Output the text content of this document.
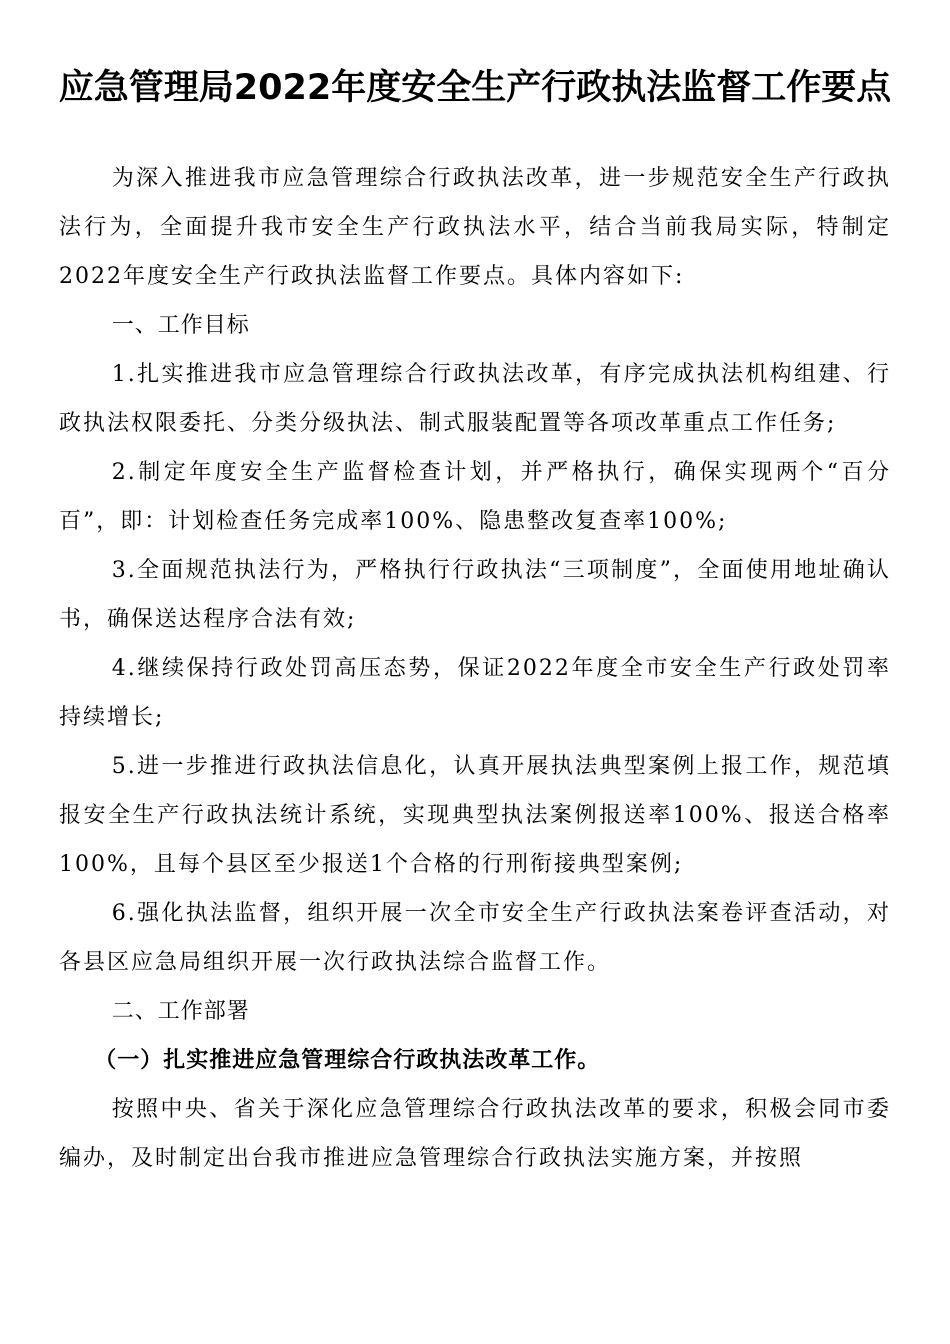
应急管理局2022年度安全生产行政执法监督工作要点

为深入推进我市应急管理综合行政执法改革，进一步规范安全生产行政执法行为，全面提升我市安全生产行政执法水平，结合当前我局实际，特制定2022年度安全生产行政执法监督工作要点。具体内容如下:

一、工作目标

1.扎实推进我市应急管理综合行政执法改革，有序完成执法机构组建、行政执法权限委托、分类分级执法、制式服装配置等各项改革重点工作任务;

2.制定年度安全生产监督检查计划，并严格执行，确保实现两个“百分百”，即：计划检查任务完成率100%、隐患整改复查率100%;

3.全面规范执法行为，严格执行行政执法“三项制度”，全面使用地址确认书，确保送达程序合法有效;

4.继续保持行政处罚高压态势，保证2022年度全市安全生产行政处罚率持续增长;

5.进一步推进行政执法信息化，认真开展执法典型案例上报工作，规范填报安全生产行政执法统计系统，实现典型执法案例报送率100%、报送合格率100%，且每个县区至少报送1个合格的行刑衔接典型案例;

6.强化执法监督，组织开展一次全市安全生产行政执法案卷评查活动，对各县区应急局组织开展一次行政执法综合监督工作。

二、工作部署

（一）扎实推进应急管理综合行政执法改革工作。

按照中央、省关于深化应急管理综合行政执法改革的要求，积极会同市委编办，及时制定出台我市推进应急管理综合行政执法实施方案，并按照
